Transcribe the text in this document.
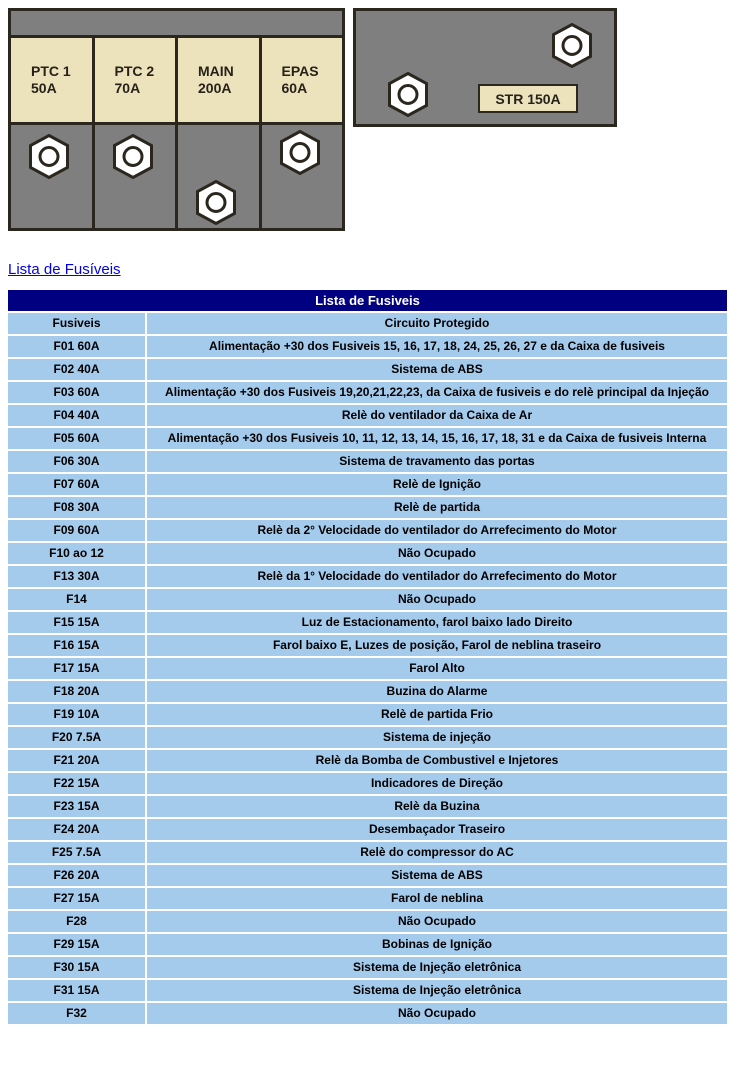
PTC 1
50A
PTC 2
70A
MAIN
200A
EPAS
60A
STR 150A
Lista de Fusíveis
Lista de Fusiveis
Fusiveis	Circuito Protegido
F01 60A	Alimentação +30 dos Fusiveis 15, 16, 17, 18, 24, 25, 26, 27 e da Caixa de fusiveis
F02 40A	Sistema de ABS
F03 60A	Alimentação +30 dos Fusiveis 19,20,21,22,23, da Caixa de fusiveis e do relè principal da Injeção
F04 40A	Relè do ventilador da Caixa de Ar
F05 60A	Alimentação +30 dos Fusiveis 10, 11, 12, 13, 14, 15, 16, 17, 18, 31 e da Caixa de fusiveis Interna
F06 30A	Sistema de travamento das portas
F07 60A	Relè de Ignição
F08 30A	Relè de partida
F09 60A	Relè da 2° Velocidade do ventilador do Arrefecimento do Motor
F10 ao 12	Não Ocupado
F13 30A	Relè da 1° Velocidade do ventilador do Arrefecimento do Motor
F14	Não Ocupado
F15 15A	Luz de Estacionamento, farol baixo lado Direito
F16 15A	Farol baixo E, Luzes de posição, Farol de neblina traseiro
F17 15A	Farol Alto
F18 20A	Buzina do Alarme
F19 10A	Relè de partida Frio
F20 7.5A	Sistema de injeção
F21 20A	Relè da Bomba de Combustivel e Injetores
F22 15A	Indicadores de Direção
F23 15A	Relè da Buzina
F24 20A	Desembaçador Traseiro
F25 7.5A	Relè do compressor do AC
F26 20A	Sistema de ABS
F27 15A	Farol de neblina
F28	Não Ocupado
F29 15A	Bobinas de Ignição
F30 15A	Sistema de Injeção eletrônica
F31 15A	Sistema de Injeção eletrônica
F32	Não Ocupado
